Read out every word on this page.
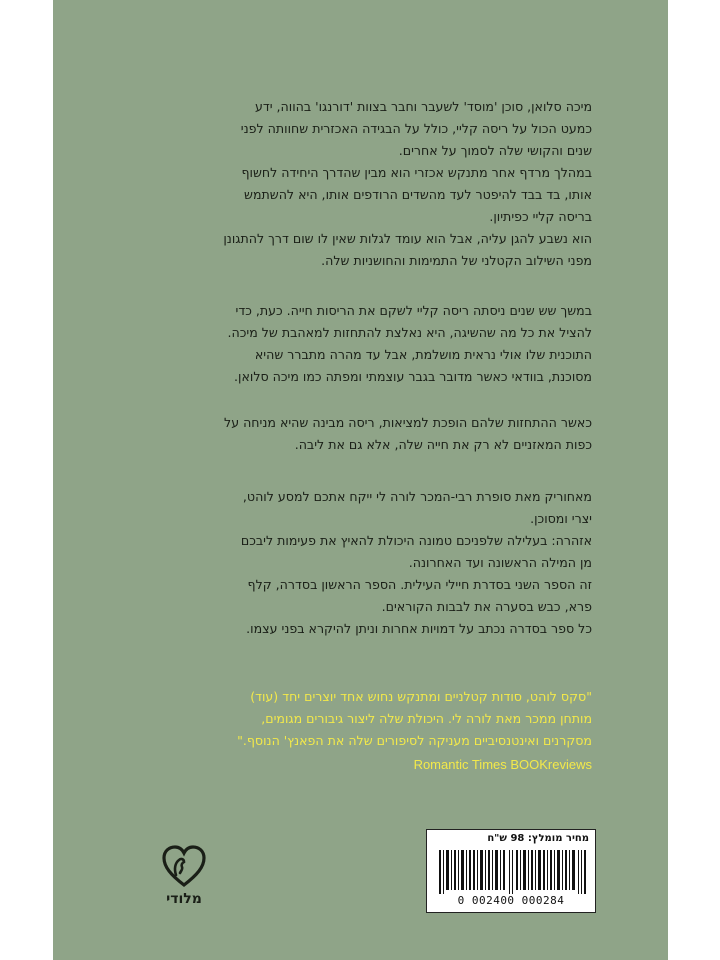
מיכה סלואן, סוכן 'מוסד' לשעבר וחבר בצוות 'דורנגו' בהווה, ידע

כמעט הכול על ריסה קליי, כולל על הבגידה האכזרית שחוותה לפני

שנים והקושי שלה לסמוך על אחרים.

במהלך מרדף אחר מתנקש אכזרי הוא מבין שהדרך היחידה לחשוף

אותו, בד בבד להיפטר לעד מהשדים הרודפים אותו, היא להשתמש

בריסה קליי כפיתיון.

הוא נשבע להגן עליה, אבל הוא עומד לגלות שאין לו שום דרך להתגונן

מפני השילוב הקטלני של התמימות והחושניות שלה.

במשך שש שנים ניסתה ריסה קליי לשקם את הריסות חייה. כעת, כדי

להציל את כל מה שהשיגה, היא נאלצת להתחזות למאהבת של מיכה.

התוכנית שלו אולי נראית מושלמת, אבל עד מהרה מתברר שהיא

מסוכנת, בוודאי כאשר מדובר בגבר עוצמתי ומפתה כמו מיכה סלואן.

כאשר ההתחזות שלהם הופכת למציאות, ריסה מבינה שהיא מניחה על

כפות המאזניים לא רק את חייה שלה, אלא גם את ליבה.

מאחוריק מאת סופרת רבי-המכר לורה לי ייקח אתכם למסע לוהט,

יצרי ומסוכן.

אזהרה: בעלילה שלפניכם טמונה היכולת להאיץ את פעימות ליבכם

מן המילה הראשונה ועד האחרונה.

זה הספר השני בסדרת חיילי העילית. הספר הראשון בסדרה, קלף

פרא, כבש בסערה את לבבות הקוראים.

כל ספר בסדרה נכתב על דמויות אחרות וניתן להיקרא בפני עצמו.

"סקס לוהט, סודות קטלניים ומתנקש נחוש אחד יוצרים יחד (עוד)

מותחן ממכר מאת לורה לי. היכולת שלה ליצור גיבורים מגומים,

מסקרנים ואינטנסיביים מעניקה לסיפורים שלה את הפאנץ' הנוסף."

Romantic Times BOOKreviews
מלודי
מחיר מומלץ: 98 ש"ח
0 002400 000284
